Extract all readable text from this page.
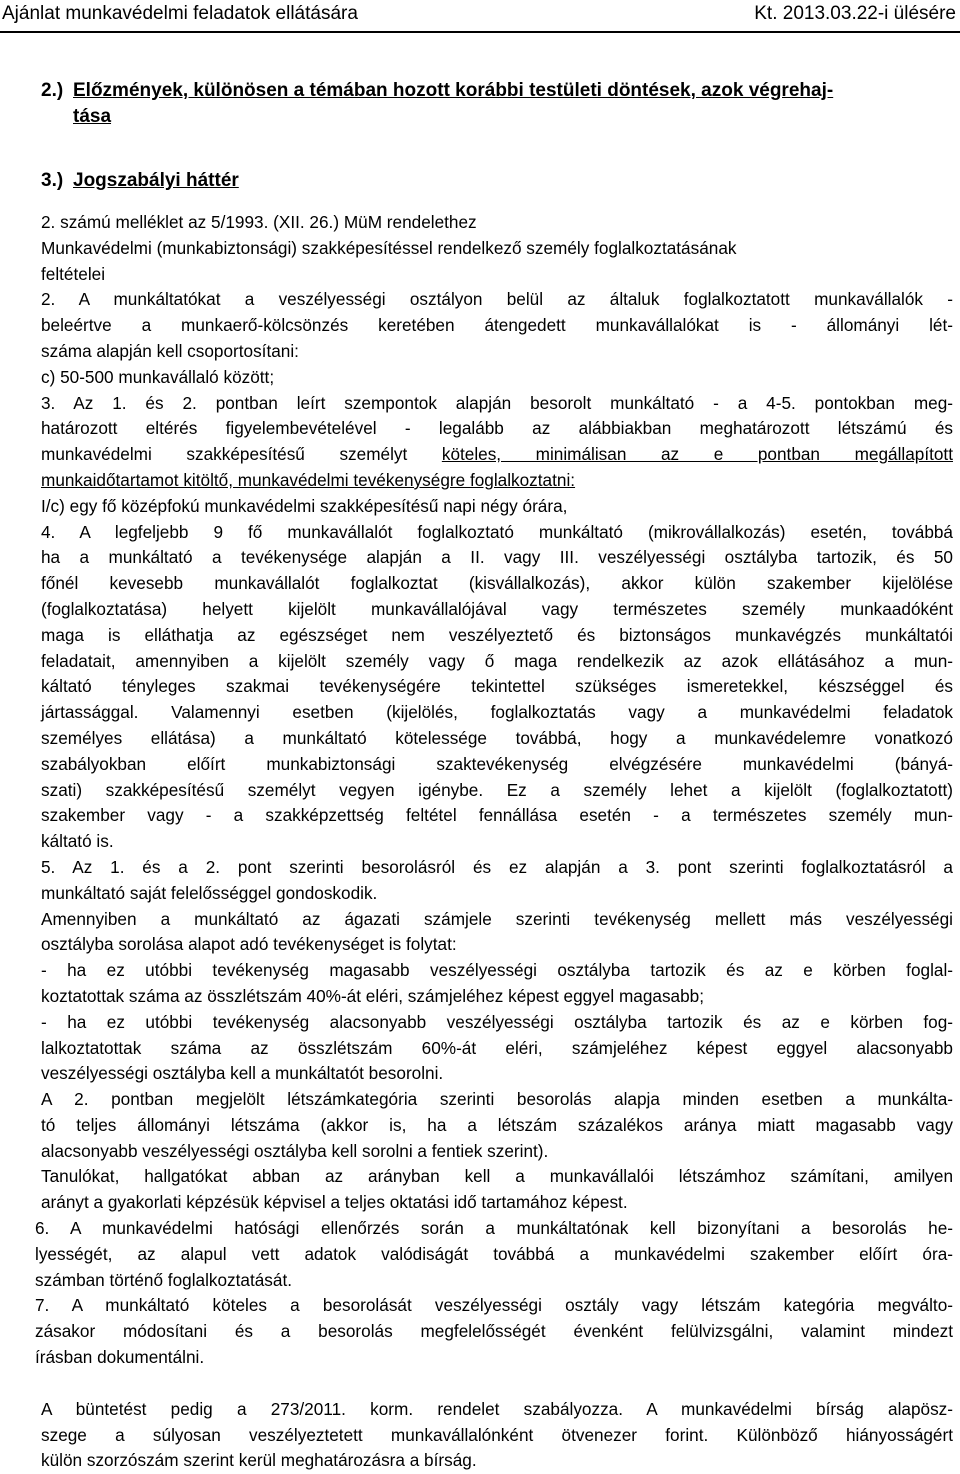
Ajánlat munkavédelmi feladatok ellátására	Kt. 2013.03.22-i ülésére
2.) Előzmények, különösen a témában hozott korábbi testületi döntések, azok végrehaj-
tása
3.) Jogszabályi háttér
2. számú melléklet az 5/1993. (XII. 26.) MüM rendelethez
Munkavédelmi (munkabiztonsági) szakképesítéssel rendelkező személy foglalkoztatásának
feltételei
2. A munkáltatókat a veszélyességi osztályon belül az általuk foglalkoztatott munkavállalók -
beleértve a munkaerő-kölcsönzés keretében átengedett munkavállalókat is - állományi lét-
száma alapján kell csoportosítani:
c) 50-500 munkavállaló között;
3. Az 1. és 2. pontban leírt szempontok alapján besorolt munkáltató - a 4-5. pontokban meg-
határozott eltérés figyelembevételével - legalább az alábbiakban meghatározott létszámú és
munkavédelmi szakképesítésű személyt köteles, minimálisan az e pontban megállapított
munkaidőtartamot kitöltő, munkavédelmi tevékenységre foglalkoztatni:
I/c) egy fő középfokú munkavédelmi szakképesítésű napi négy órára,
4. A legfeljebb 9 fő munkavállalót foglalkoztató munkáltató (mikrovállalkozás) esetén, továbbá
ha a munkáltató a tevékenysége alapján a II. vagy III. veszélyességi osztályba tartozik, és 50
főnél kevesebb munkavállalót foglalkoztat (kisvállalkozás), akkor külön szakember kijelölése
(foglalkoztatása) helyett kijelölt munkavállalójával vagy természetes személy munkaadóként
maga is elláthatja az egészséget nem veszélyeztető és biztonságos munkavégzés munkáltatói
feladatait, amennyiben a kijelölt személy vagy ő maga rendelkezik az azok ellátásához a mun-
káltató tényleges szakmai tevékenységére tekintettel szükséges ismeretekkel, készséggel és
jártassággal. Valamennyi esetben (kijelölés, foglalkoztatás vagy a munkavédelmi feladatok
személyes ellátása) a munkáltató kötelessége továbbá, hogy a munkavédelemre vonatkozó
szabályokban előírt munkabiztonsági szaktevékenység elvégzésére munkavédelmi (bányá-
szati) szakképesítésű személyt vegyen igénybe. Ez a személy lehet a kijelölt (foglalkoztatott)
szakember vagy - a szakképzettség feltétel fennállása esetén - a természetes személy mun-
káltató is.
5. Az 1. és a 2. pont szerinti besorolásról és ez alapján a 3. pont szerinti foglalkoztatásról a
munkáltató saját felelősséggel gondoskodik.
Amennyiben a munkáltató az ágazati számjele szerinti tevékenység mellett más veszélyességi
osztályba sorolása alapot adó tevékenységet is folytat:
- ha ez utóbbi tevékenység magasabb veszélyességi osztályba tartozik és az e körben foglal-
koztatottak száma az összlétszám 40%-át eléri, számjeléhez képest eggyel magasabb;
- ha ez utóbbi tevékenység alacsonyabb veszélyességi osztályba tartozik és az e körben fog-
lalkoztatottak száma az összlétszám 60%-át eléri, számjeléhez képest eggyel alacsonyabb
veszélyességi osztályba kell a munkáltatót besorolni.
A 2. pontban megjelölt létszámkategória szerinti besorolás alapja minden esetben a munkálta-
tó teljes állományi létszáma (akkor is, ha a létszám százalékos aránya miatt magasabb vagy
alacsonyabb veszélyességi osztályba kell sorolni a fentiek szerint).
Tanulókat, hallgatókat abban az arányban kell a munkavállalói létszámhoz számítani, amilyen
arányt a gyakorlati képzésük képvisel a teljes oktatási idő tartamához képest.
6. A munkavédelmi hatósági ellenőrzés során a munkáltatónak kell bizonyítani a besorolás he-
lyességét, az alapul vett adatok valódiságát továbbá a munkavédelmi szakember előírt óra-
számban történő foglalkoztatását.
7. A munkáltató köteles a besorolását veszélyességi osztály vagy létszám kategória megválto-
zásakor módosítani és a besorolás megfelelősségét évenként felülvizsgálni, valamint mindezt
írásban dokumentálni.
A büntetést pedig a 273/2011. korm. rendelet szabályozza. A munkavédelmi bírság alapösz-
szege a súlyosan veszélyeztetett munkavállalónként ötvenezer forint. Különböző hiányosságért
külön szorzószám szerint kerül meghatározásra a bírság.
